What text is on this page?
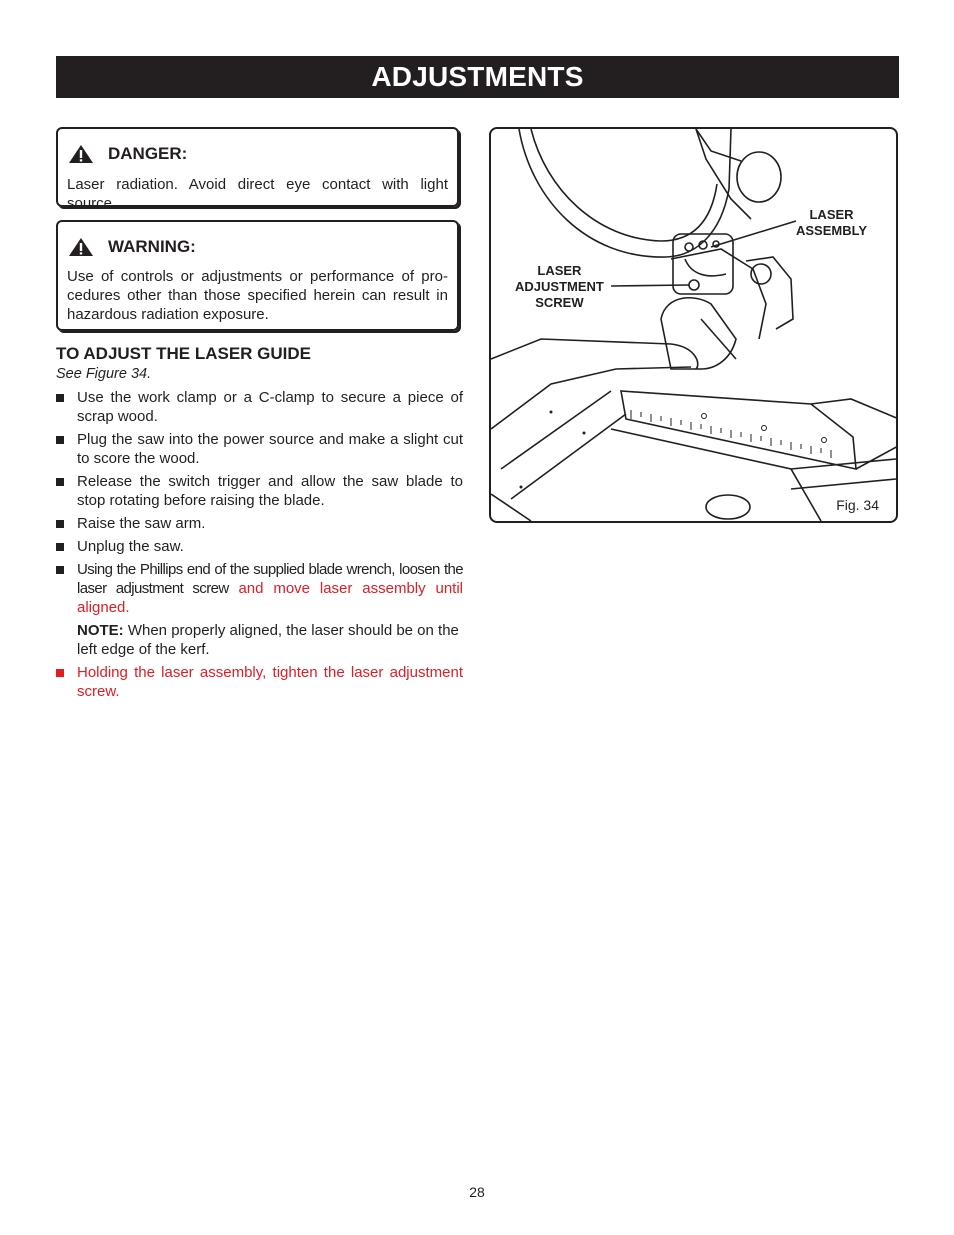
ADJUSTMENTS
DANGER:
Laser radiation. Avoid direct eye contact with light source.
WARNING:
Use of controls or adjustments or performance of pro-cedures other than those specified herein can result in hazardous radiation exposure.
TO ADJUST THE LASER GUIDE
See Figure 34.
Use the work clamp or a C-clamp to secure a piece of scrap wood.
Plug the saw into the power source and make a slight cut to score the wood.
Release the switch trigger and allow the saw blade to stop rotating before raising the blade.
Raise the saw arm.
Unplug the saw.
Using the Phillips end of the supplied blade wrench, loosen the laser adjustment screw and move laser assembly until aligned.
NOTE: When properly aligned, the laser should be on the left edge of the kerf.
Holding the laser assembly, tighten the laser adjustment screw.
LASER
ASSEMBLY
LASER
ADJUSTMENT
SCREW
Fig. 34
28
